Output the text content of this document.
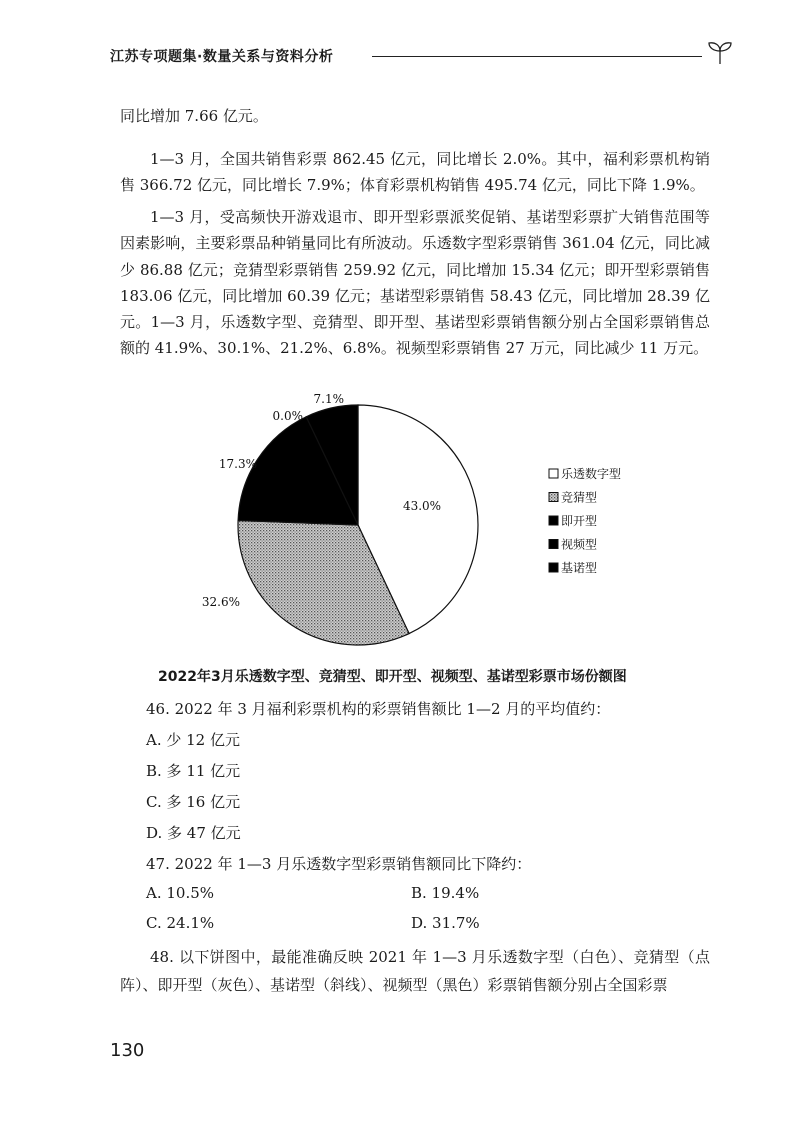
江苏专项题集·数量关系与资料分析

同比增加 7.66 亿元。

1—3 月，全国共销售彩票 862.45 亿元，同比增长 2.0%。其中，福利彩票机构销售 366.72 亿元，同比增长 7.9%；体育彩票机构销售 495.74 亿元，同比下降 1.9%。

1—3 月，受高频快开游戏退市、即开型彩票派奖促销、基诺型彩票扩大销售范围等因素影响，主要彩票品种销量同比有所波动。乐透数字型彩票销售 361.04 亿元，同比减少 86.88 亿元；竞猜型彩票销售 259.92 亿元，同比增加 15.34 亿元；即开型彩票销售 183.06 亿元，同比增加 60.39 亿元；基诺型彩票销售 58.43 亿元，同比增加 28.39 亿元。1—3 月，乐透数字型、竞猜型、即开型、基诺型彩票销售额分别占全国彩票销售总额的 41.9%、30.1%、21.2%、6.8%。视频型彩票销售 27 万元，同比减少 11 万元。

43.0%
32.6%
17.3%
0.0%
7.1%
乐透数字型
竞猜型
即开型
视频型
基诺型
2022年3月乐透数字型、竞猜型、即开型、视频型、基诺型彩票市场份额图
46. 2022 年 3 月福利彩票机构的彩票销售额比 1—2 月的平均值约：
A. 少 12 亿元
B. 多 11 亿元
C. 多 16 亿元
D. 多 47 亿元
47. 2022 年 1—3 月乐透数字型彩票销售额同比下降约：
A. 10.5%	B. 19.4%
C. 24.1%	D. 31.7%

48. 以下饼图中，最能准确反映 2021 年 1—3 月乐透数字型（白色）、竞猜型（点阵）、即开型（灰色）、基诺型（斜线）、视频型（黑色）彩票销售额分别占全国彩票

130
